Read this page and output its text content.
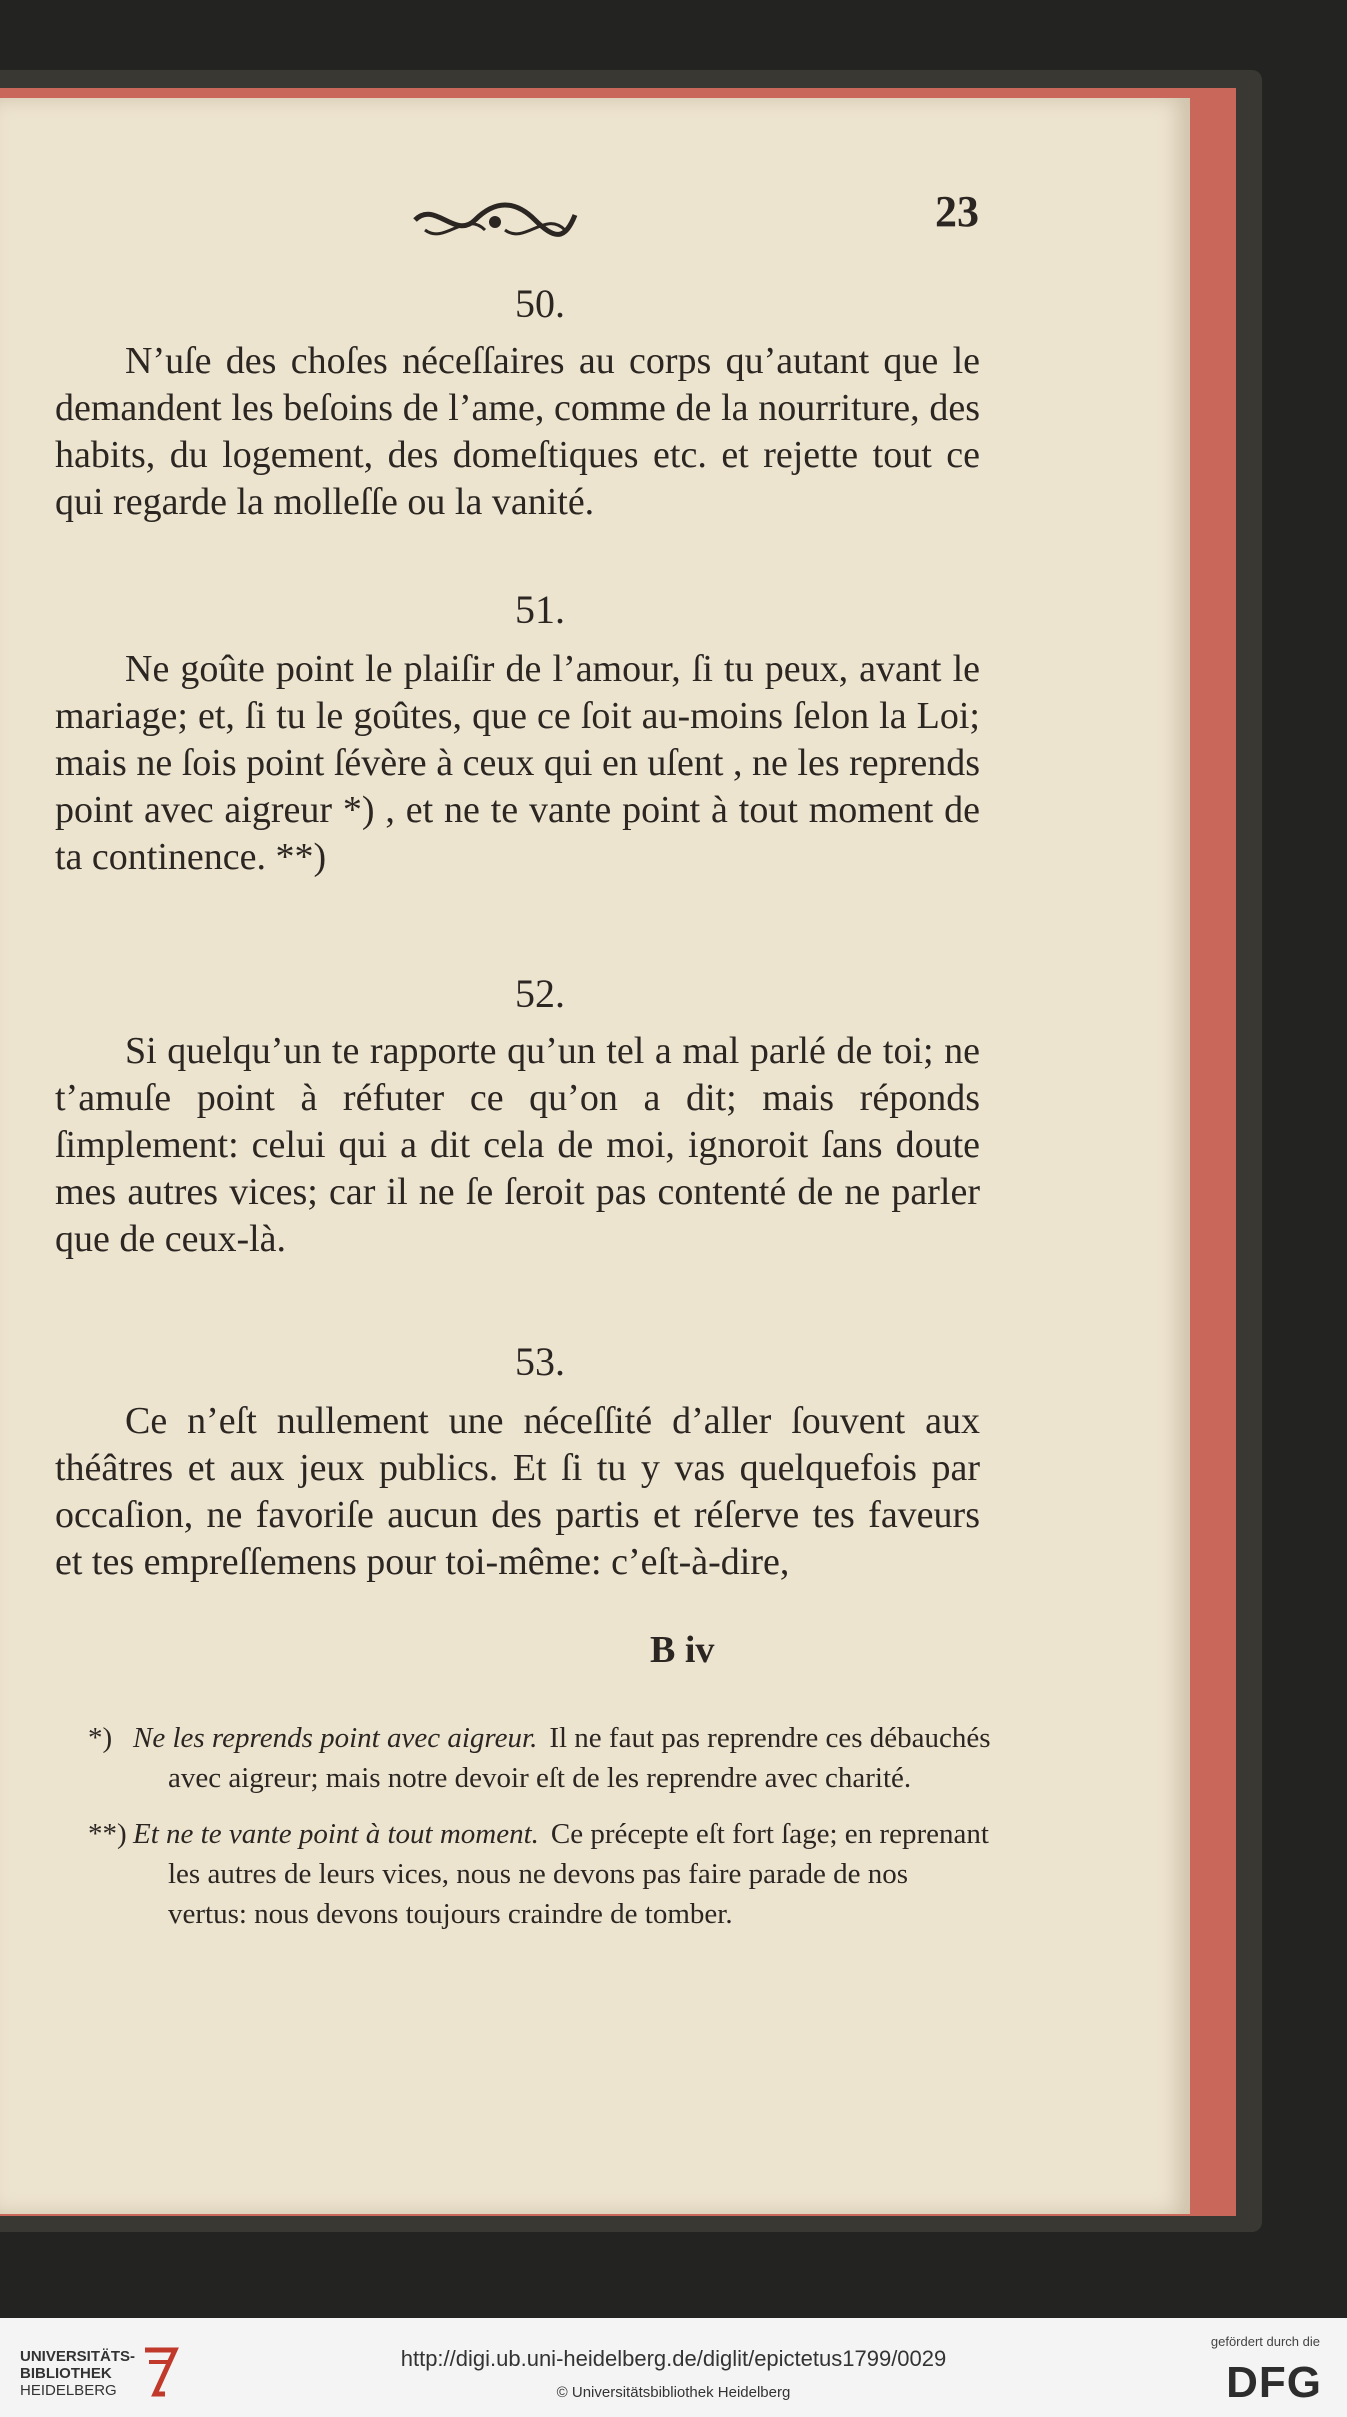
23
50.
N’uſe des choſes néceſſaires au corps qu’autant que le demandent les beſoins de l’ame, comme de la nourriture, des habits, du logement, des domeſtiques etc. et rejette tout ce qui regarde la molleſſe ou la vanité.
51.
Ne goûte point le plaiſir de l’amour, ſi tu peux, avant le mariage; et, ſi tu le goûtes, que ce ſoit au-moins ſelon la Loi; mais ne ſois point ſévère à ceux qui en uſent , ne les reprends point avec aigreur *) , et ne te vante point à tout moment de ta continence. **)
52.
Si quelqu’un te rapporte qu’un tel a mal parlé de toi; ne t’amuſe point à réfuter ce qu’on a dit; mais réponds ſimplement: celui qui a dit cela de moi, ignoroit ſans doute mes autres vices; car il ne ſe ſeroit pas contenté de ne parler que de ceux-là.
53.
Ce n’eſt nullement une néceſſité d’aller ſouvent aux théâtres et aux jeux publics. Et ſi tu y vas quelquefois par occaſion, ne favoriſe aucun des partis et réſerve tes faveurs et tes empreſſemens pour toi-même: c’eſt-à-dire,
B iv
*) Ne les reprends point avec aigreur. Il ne faut pas reprendre ces débauchés avec aigreur; mais notre devoir eſt de les reprendre avec charité.
**) Et ne te vante point à tout moment. Ce précepte eſt fort ſage; en reprenant les autres de leurs vices, nous ne devons pas faire parade de nos vertus: nous devons toujours craindre de tomber.
UNIVERSITÄTS-
BIBLIOTHEK
HEIDELBERG
http://digi.ub.uni-heidelberg.de/diglit/epictetus1799/0029
© Universitätsbibliothek Heidelberg
gefördert durch die
DFG
